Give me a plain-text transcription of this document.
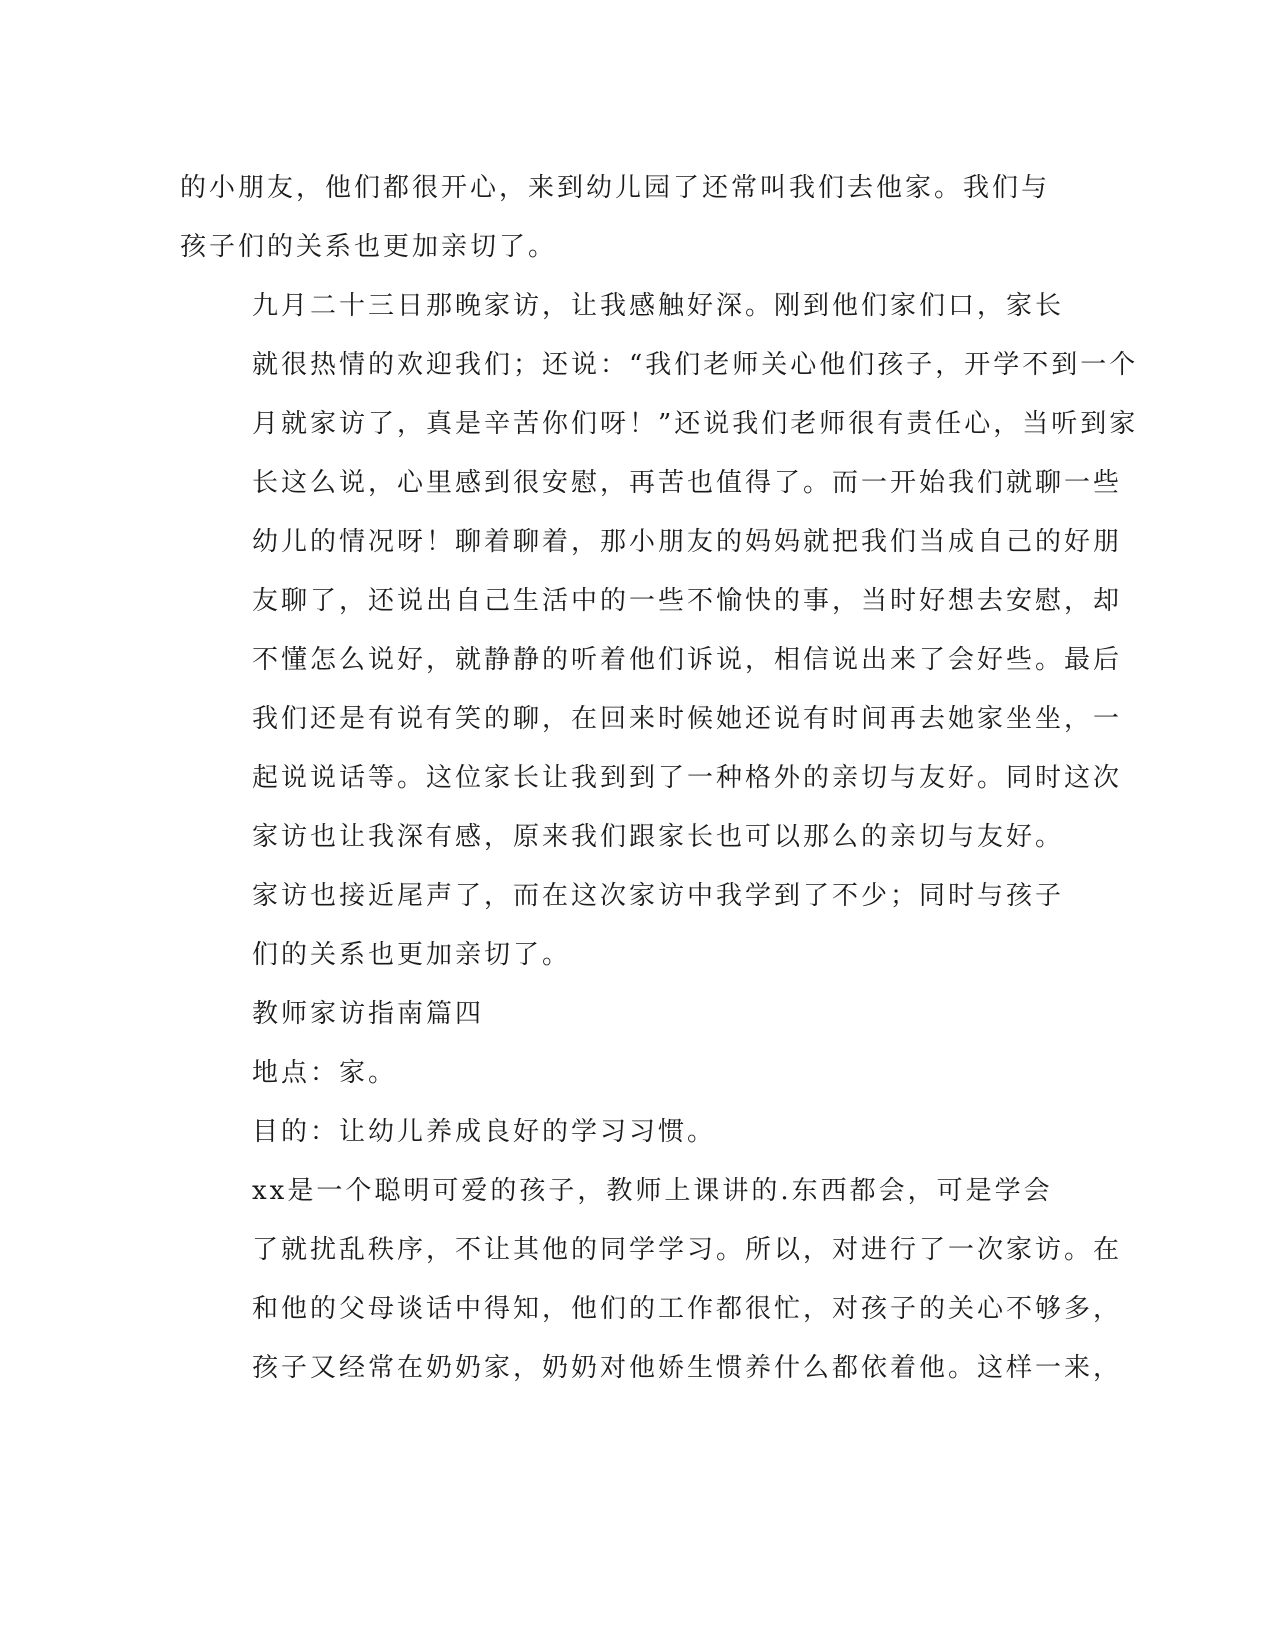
的小朋友，他们都很开心，来到幼儿园了还常叫我们去他家。我们与
孩子们的关系也更加亲切了。

九月二十三日那晚家访，让我感触好深。刚到他们家们口，家长
就很热情的欢迎我们；还说：“我们老师关心他们孩子，开学不到一个
月就家访了，真是辛苦你们呀！”还说我们老师很有责任心，当听到家
长这么说，心里感到很安慰，再苦也值得了。而一开始我们就聊一些
幼儿的情况呀！聊着聊着，那小朋友的妈妈就把我们当成自己的好朋
友聊了，还说出自己生活中的一些不愉快的事，当时好想去安慰，却
不懂怎么说好，就静静的听着他们诉说，相信说出来了会好些。最后
我们还是有说有笑的聊，在回来时候她还说有时间再去她家坐坐，一
起说说话等。这位家长让我到到了一种格外的亲切与友好。同时这次
家访也让我深有感，原来我们跟家长也可以那么的亲切与友好。

家访也接近尾声了，而在这次家访中我学到了不少；同时与孩子
们的关系也更加亲切了。

教师家访指南篇四

地点：家。

目的：让幼儿养成良好的学习习惯。

xx是一个聪明可爱的孩子，教师上课讲的.东西都会，可是学会
了就扰乱秩序，不让其他的同学学习。所以，对进行了一次家访。在
和他的父母谈话中得知，他们的工作都很忙，对孩子的关心不够多，
孩子又经常在奶奶家，奶奶对他娇生惯养什么都依着他。这样一来，
